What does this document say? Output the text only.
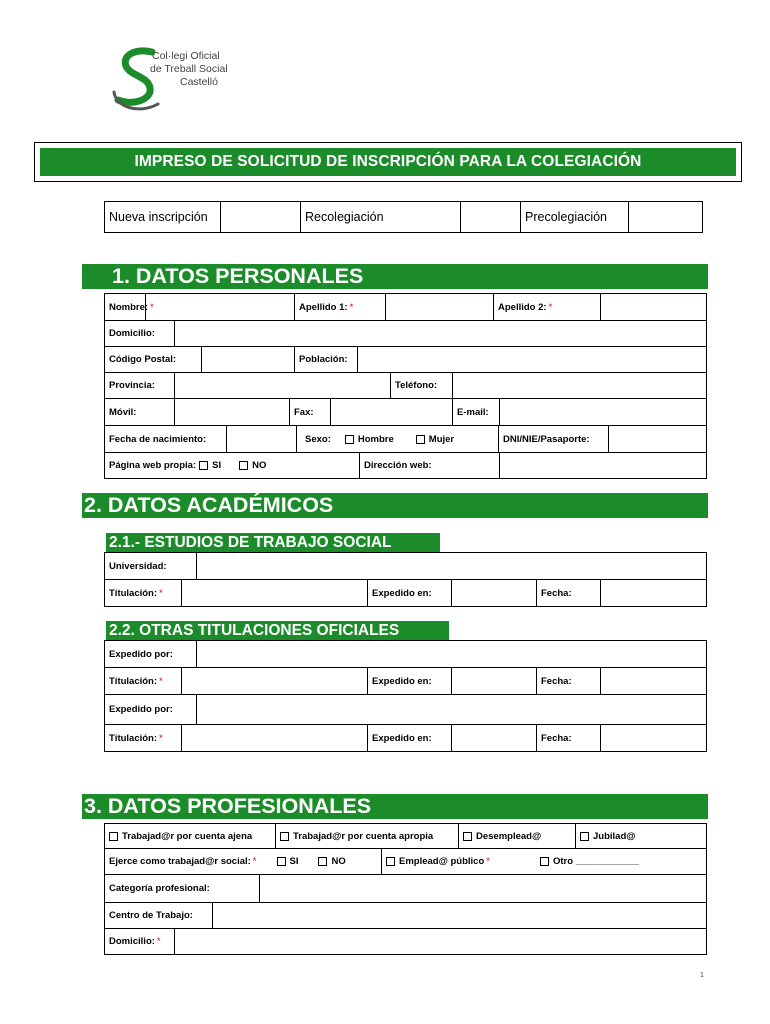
Col·legi Oficial
de Treball Social
Castelló
IMPRESO DE SOLICITUD DE INSCRIPCIÓN PARA LA COLEGIACIÓN
Nueva inscripción	Recolegiación	Precolegiación
1. DATOS PERSONALES
Nombre: *	Apellido 1: *	Apellido 2: *
Domicilio:
Código Postal:	Población:
Provincia:	Teléfono:
Móvil:	Fax:	E-mail:
Fecha de nacimiento:	Sexo:	Hombre	Mujer	DNI/NIE/Pasaporte:
Página web propia: SI	NO	Dirección web:
2. DATOS ACADÉMICOS
2.1.- ESTUDIOS DE TRABAJO SOCIAL
Universidad:
Títulación: *	Expedido en:	Fecha:
2.2. OTRAS TITULACIONES OFICIALES
Expedido por:
Títulación: *	Expedido en:	Fecha:
Expedido por:
Títulación: *	Expedido en:	Fecha:
3. DATOS PROFESIONALES
Trabajad@r por cuenta ajena	Trabajad@r por cuenta apropia	Desemplead@	Jubilad@
Ejerce como trabajad@r social: *	SI	NO	Emplead@ público *	Otro ____________
Categoría profesional:
Centro de Trabajo:
Domicilio: *
1
